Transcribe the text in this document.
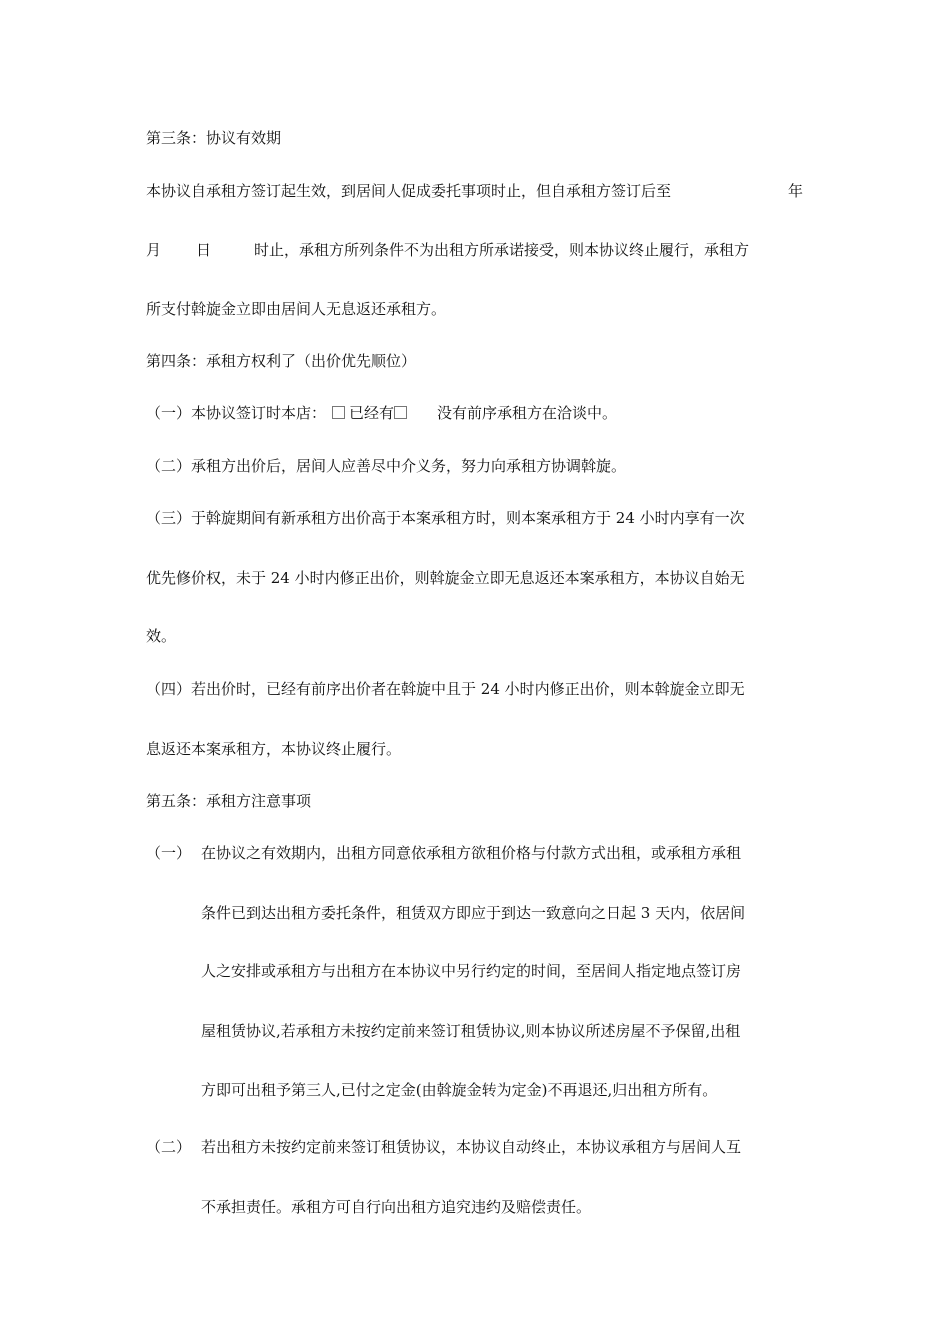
第三条：协议有效期
本协议自承租方签订起生效，到居间人促成委托事项时止，但自承租方签订后至	年
月 日	时止，承租方所列条件不为出租方所承诺接受，则本协议终止履行，承租方
所支付斡旋金立即由居间人无息返还承租方。
第四条：承租方权利了（出价优先顺位）
（一）本协议签订时本店： 已经有	没有前序承租方在洽谈中。
（二）承租方出价后，居间人应善尽中介义务，努力向承租方协调斡旋。
（三）于斡旋期间有新承租方出价高于本案承租方时，则本案承租方于 24 小时内享有一次
优先修价权，未于 24 小时内修正出价，则斡旋金立即无息返还本案承租方，本协议自始无
效。
（四）若出价时，已经有前序出价者在斡旋中且于 24 小时内修正出价，则本斡旋金立即无
息返还本案承租方，本协议终止履行。
第五条：承租方注意事项
（一） 在协议之有效期内，出租方同意依承租方欲租价格与付款方式出租，或承租方承租
条件已到达出租方委托条件，租赁双方即应于到达一致意向之日起 3 天内，依居间
人之安排或承租方与出租方在本协议中另行约定的时间，至居间人指定地点签订房
屋租赁协议,若承租方未按约定前来签订租赁协议,则本协议所述房屋不予保留,出租
方即可出租予第三人,已付之定金(由斡旋金转为定金)不再退还,归出租方所有。
（二） 若出租方未按约定前来签订租赁协议，本协议自动终止，本协议承租方与居间人互
不承担责任。承租方可自行向出租方追究违约及赔偿责任。
